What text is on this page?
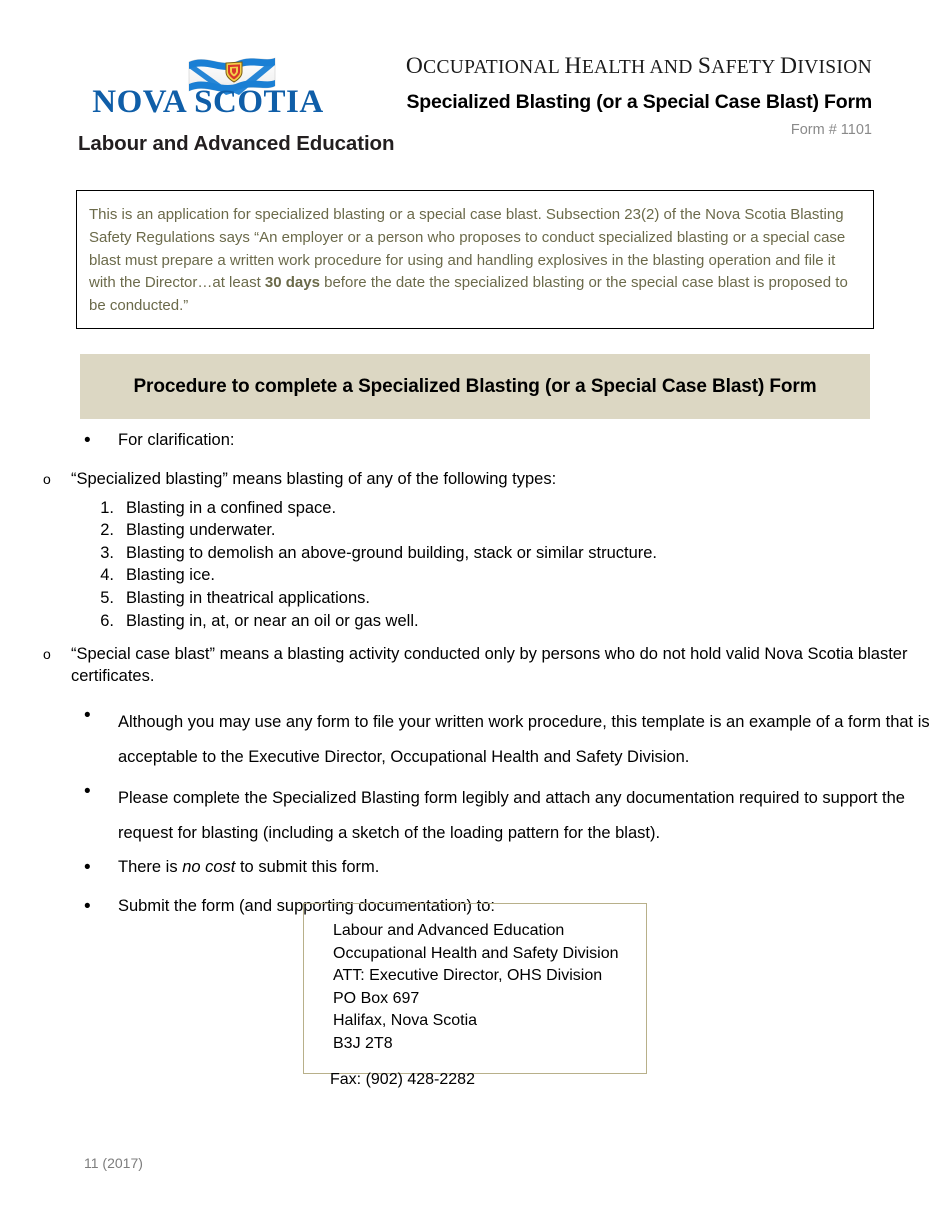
NOVA SCOTIA
Labour and Advanced Education
OCCUPATIONAL HEALTH AND SAFETY DIVISION
Specialized Blasting (or a Special Case Blast) Form
Form # 1101
This is an application for specialized blasting or a special case blast. Subsection 23(2) of the Nova Scotia Blasting Safety Regulations says “An employer or a person who proposes to conduct specialized blasting or a special case blast must prepare a written work procedure for using and handling explosives in the blasting operation and file it with the Director…at least 30 days before the date the specialized blasting or the special case blast is proposed to be conducted.”
Procedure to complete a Specialized Blasting (or a Special Case Blast) Form
• For clarification:
o “Specialized blasting” means blasting of any of the following types:
1. Blasting in a confined space.
2. Blasting underwater.
3. Blasting to demolish an above-ground building, stack or similar structure.
4. Blasting ice.
5. Blasting in theatrical applications.
6. Blasting in, at, or near an oil or gas well.
o “Special case blast” means a blasting activity conducted only by persons who do not hold valid Nova Scotia blaster certificates.
• Although you may use any form to file your written work procedure, this template is an example of a form that is acceptable to the Executive Director, Occupational Health and Safety Division.
• Please complete the Specialized Blasting form legibly and attach any documentation required to support the request for blasting (including a sketch of the loading pattern for the blast).
• There is no cost to submit this form.
• Submit the form (and supporting documentation) to:
Labour and Advanced Education
Occupational Health and Safety Division
ATT: Executive Director, OHS Division
PO Box 697
Halifax, Nova Scotia
B3J 2T8
Fax: (902) 428-2282
11 (2017)
